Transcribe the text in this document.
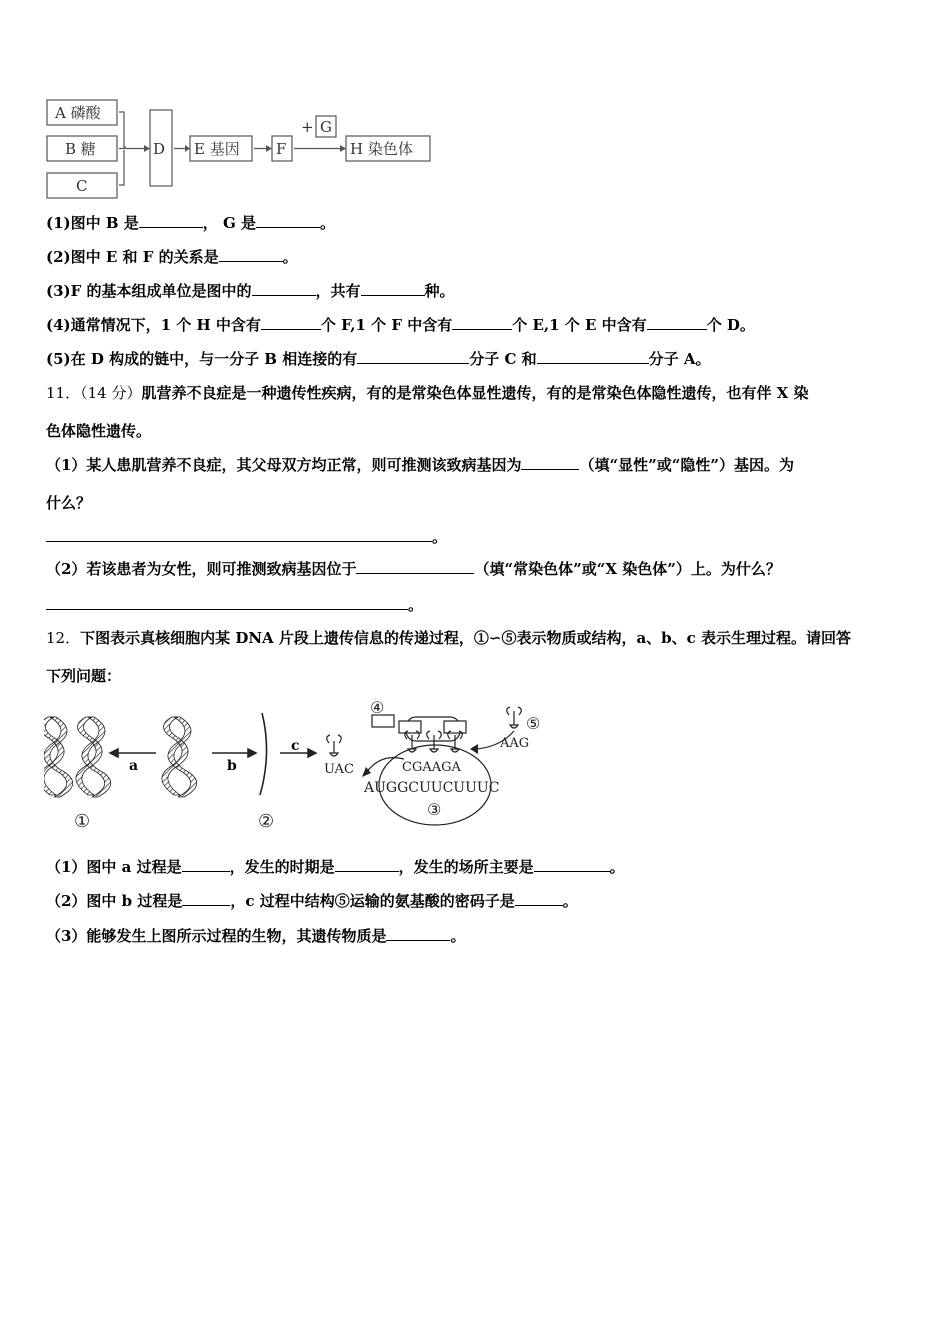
A 磷酸
B 糖
C
D E 基因 F
+ G
H 染色体
(1)图中 B 是	， G 是	。
(2)图中 E 和 F 的关系是	。
(3)F 的基本组成单位是图中的	，共有	种。
(4)通常情况下，1 个 H 中含有	个 F,1 个 F 中含有	个 E,1 个 E 中含有	个 D。
(5)在 D 构成的链中，与一分子 B 相连接的有	分子 C 和	分子 A。
11．（14 分）肌营养不良症是一种遗传性疾病，有的是常染色体显性遗传，有的是常染色体隐性遗传，也有伴 X 染
色体隐性遗传。
（1）某人患肌营养不良症，其父母双方均正常，则可推测该致病基因为	（填“显性”或“隐性”）基因。为
什么？
。
（2）若该患者为女性，则可推测致病基因位于	（填“常染色体”或“X 染色体”）上。为什么？
。
12．下图表示真核细胞内某 DNA 片段上遗传信息的传递过程，①∽⑤表示物质或结构，a、b、c 表示生理过程。请回答
下列问题：
a	b
c
①	②
③
④
⑤
UAC	CGAAGA
AAG
AUGGCUUCUUUC
（1）图中 a 过程是	，发生的时期是	，发生的场所主要是	。
（2）图中 b 过程是	，c 过程中结构⑤运输的氨基酸的密码子是	。
（3）能够发生上图所示过程的生物，其遗传物质是	。
